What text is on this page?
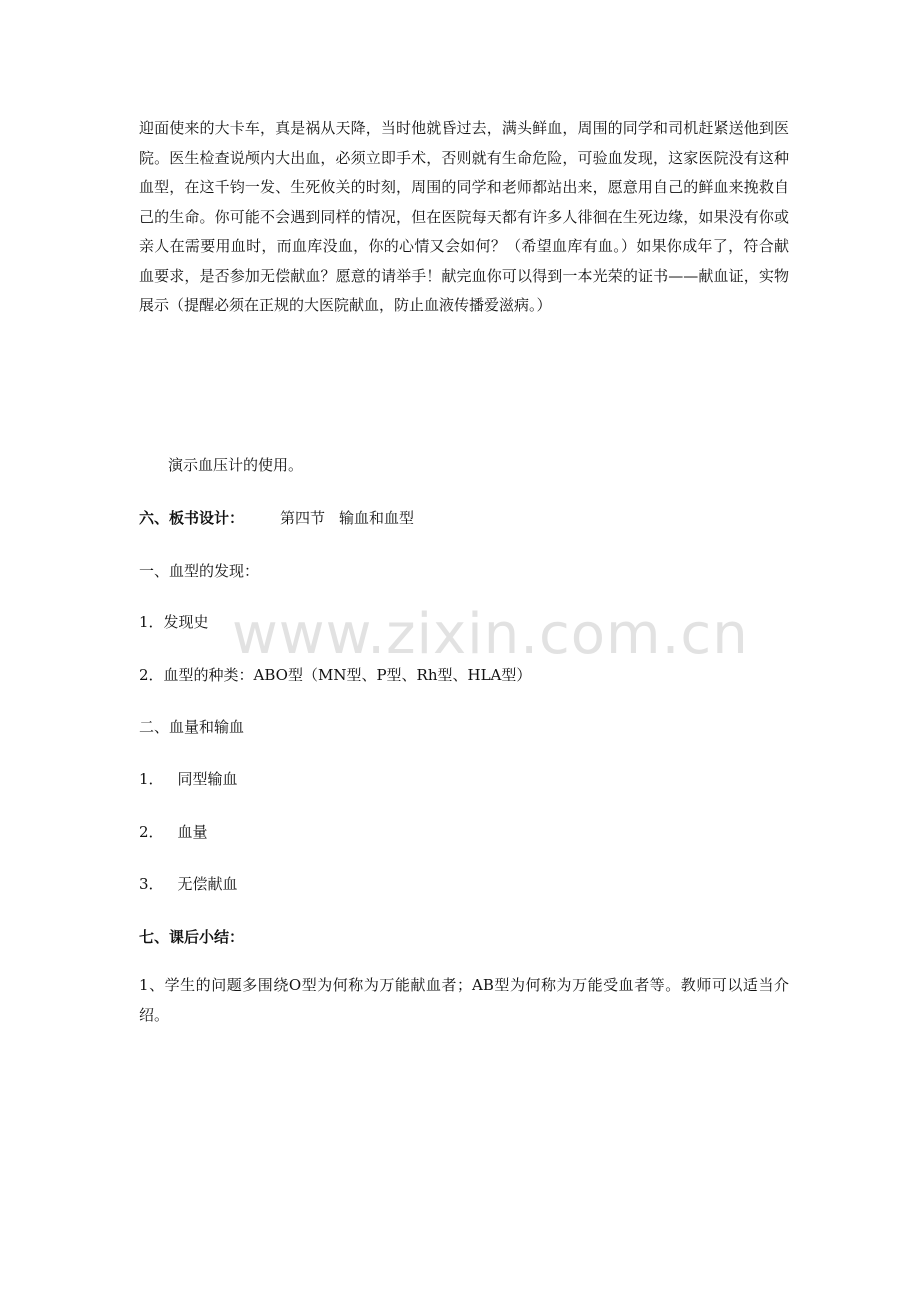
迎面使来的大卡车，真是祸从天降，当时他就昏过去，满头鲜血，周围的同学和司机赶紧送他到医院。医生检查说颅内大出血，必须立即手术，否则就有生命危险，可验血发现，这家医院没有这种血型，在这千钧一发、生死攸关的时刻，周围的同学和老师都站出来，愿意用自己的鲜血来挽救自己的生命。你可能不会遇到同样的情况，但在医院每天都有许多人徘徊在生死边缘，如果没有你或亲人在需要用血时，而血库没血，你的心情又会如何？（希望血库有血。）如果你成年了，符合献血要求，是否参加无偿献血？愿意的请举手！献完血你可以得到一本光荣的证书——献血证，实物展示（提醒必须在正规的大医院献血，防止血液传播爱滋病。）

演示血压计的使用。

六、板书设计： 第四节 输血和血型

一、血型的发现：

1．发现史

2．血型的种类：ABO型（MN型、P型、Rh型、HLA型）

二、血量和输血

1． 同型输血

2． 血量

3． 无偿献血

七、课后小结：

1、学生的问题多围绕O型为何称为万能献血者；AB型为何称为万能受血者等。教师可以适当介绍。

www.zixin.com.cn
